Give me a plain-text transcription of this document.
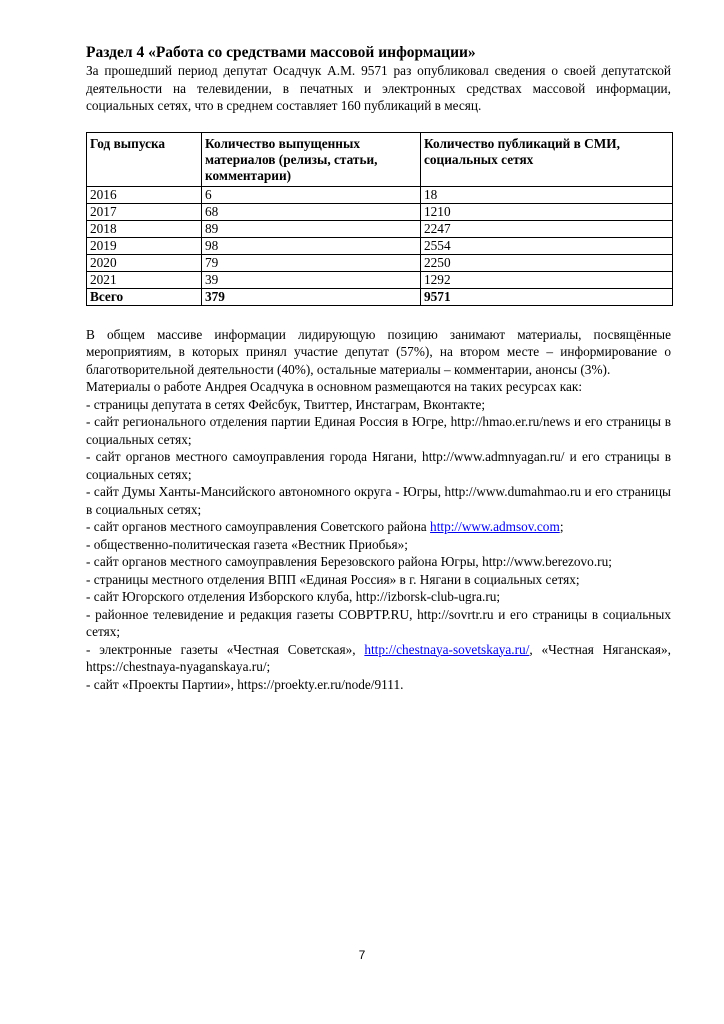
Раздел 4 «Работа со средствами массовой информации»

За прошедший период депутат Осадчук А.М. 9571 раз опубликовал сведения о своей депутатской деятельности на телевидении, в печатных и электронных средствах массовой информации, социальных сетях, что в среднем составляет 160 публикаций в месяц.

Год выпуска	Количество выпущенных материалов (релизы, статьи, комментарии)	Количество публикаций в СМИ, социальных сетях
2016	6	18
2017	68	1210
2018	89	2247
2019	98	2554
2020	79	2250
2021	39	1292
Всего	379	9571

В общем массиве информации лидирующую позицию занимают материалы, посвящённые мероприятиям, в которых принял участие депутат (57%), на втором месте – информирование о благотворительной деятельности (40%), остальные материалы – комментарии, анонсы (3%).

Материалы о работе Андрея Осадчука в основном размещаются на таких ресурсах как:

- страницы депутата в сетях Фейсбук, Твиттер, Инстаграм, Вконтакте;

- сайт регионального отделения партии Единая Россия в Югре, http://hmao.er.ru/news и его страницы в социальных сетях;

- сайт органов местного самоуправления города Нягани, http://www.admnyagan.ru/ и его страницы в социальных сетях;

- сайт Думы Ханты-Мансийского автономного округа - Югры, http://www.dumahmao.ru и его страницы в социальных сетях;

- сайт органов местного самоуправления Советского района http://www.admsov.com;

- общественно-политическая газета «Вестник Приобья»;

- сайт органов местного самоуправления Березовского района Югры, http://www.berezovo.ru;

- страницы местного отделения ВПП «Единая Россия» в г. Нягани в социальных сетях;

- сайт Югорского отделения Изборского клуба, http://izborsk-club-ugra.ru;

- районное телевидение и редакция газеты СОВРТР.RU, http://sovrtr.ru и его страницы в социальных сетях;

- электронные газеты «Честная Советская», http://chestnaya-sovetskaya.ru/, «Честная Няганская», https://chestnaya-nyaganskaya.ru/;

- сайт «Проекты Партии», https://proekty.er.ru/node/9111.

7
